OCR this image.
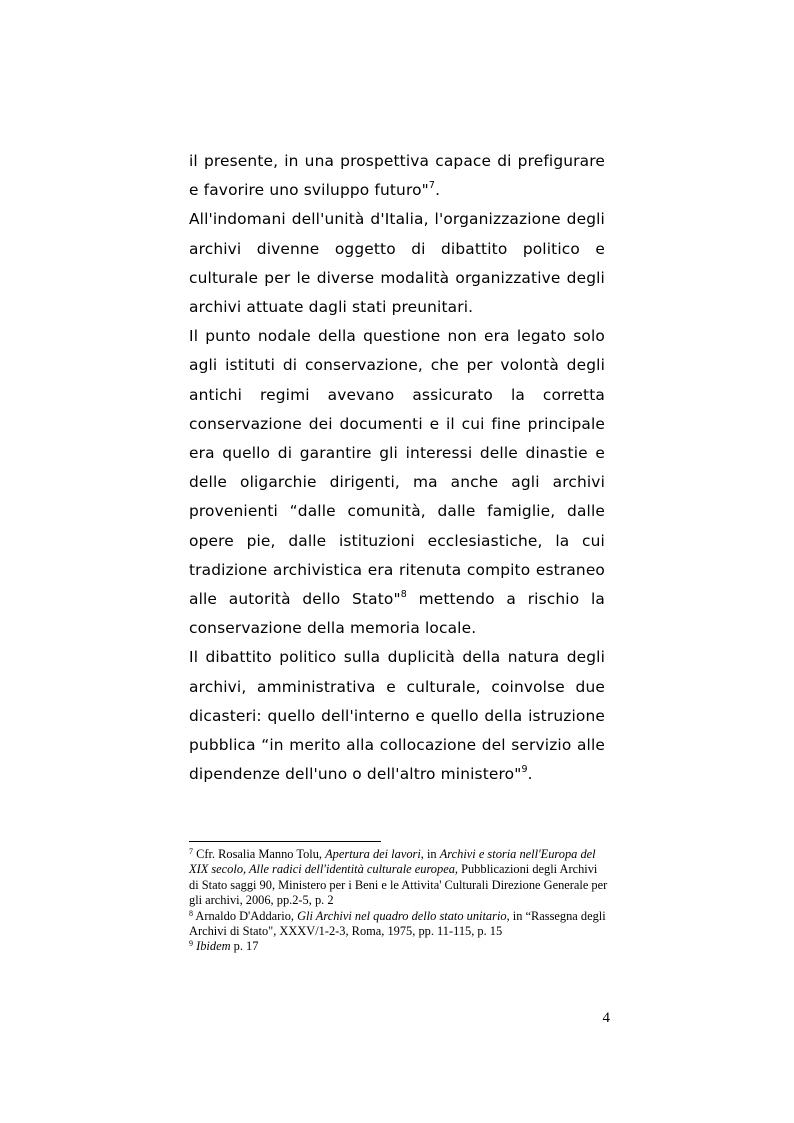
il presente, in una prospettiva capace di prefigurare e favorire uno sviluppo futuro"$^7$.

All'indomani dell'unità d'Italia, l'organizzazione degli archivi divenne oggetto di dibattito politico e culturale per le diverse modalità organizzative degli archivi attuate dagli stati preunitari.

Il punto nodale della questione non era legato solo agli istituti di conservazione, che per volontà degli antichi regimi avevano assicurato la corretta conservazione dei documenti e il cui fine principale era quello di garantire gli interessi delle dinastie e delle oligarchie dirigenti, ma anche agli archivi provenienti “dalle comunità, dalle famiglie, dalle opere pie, dalle istituzioni ecclesiastiche, la cui tradizione archivistica era ritenuta compito estraneo alle autorità dello Stato"$^8$ mettendo a rischio la conservazione della memoria locale.

Il dibattito politico sulla duplicità della natura degli archivi, amministrativa e culturale, coinvolse due dicasteri: quello dell'interno e quello della istruzione pubblica “in merito alla collocazione del servizio alle dipendenze dell'uno o dell'altro ministero"$^9$.

$^7$ Cfr. Rosalia Manno Tolu, Apertura dei lavori, in Archivi e storia nell'Europa del XIX secolo, Alle radici dell'identità culturale europea, Pubblicazioni degli Archivi di Stato saggi 90, Ministero per i Beni e le Attivita' Culturali Direzione Generale per gli archivi, 2006, pp.2-5, p. 2

$^8$ Arnaldo D'Addario, Gli Archivi nel quadro dello stato unitario, in “Rassegna degli Archivi di Stato", XXXV/1-2-3, Roma, 1975, pp. 11-115, p. 15

$^9$ Ibidem p. 17

4
